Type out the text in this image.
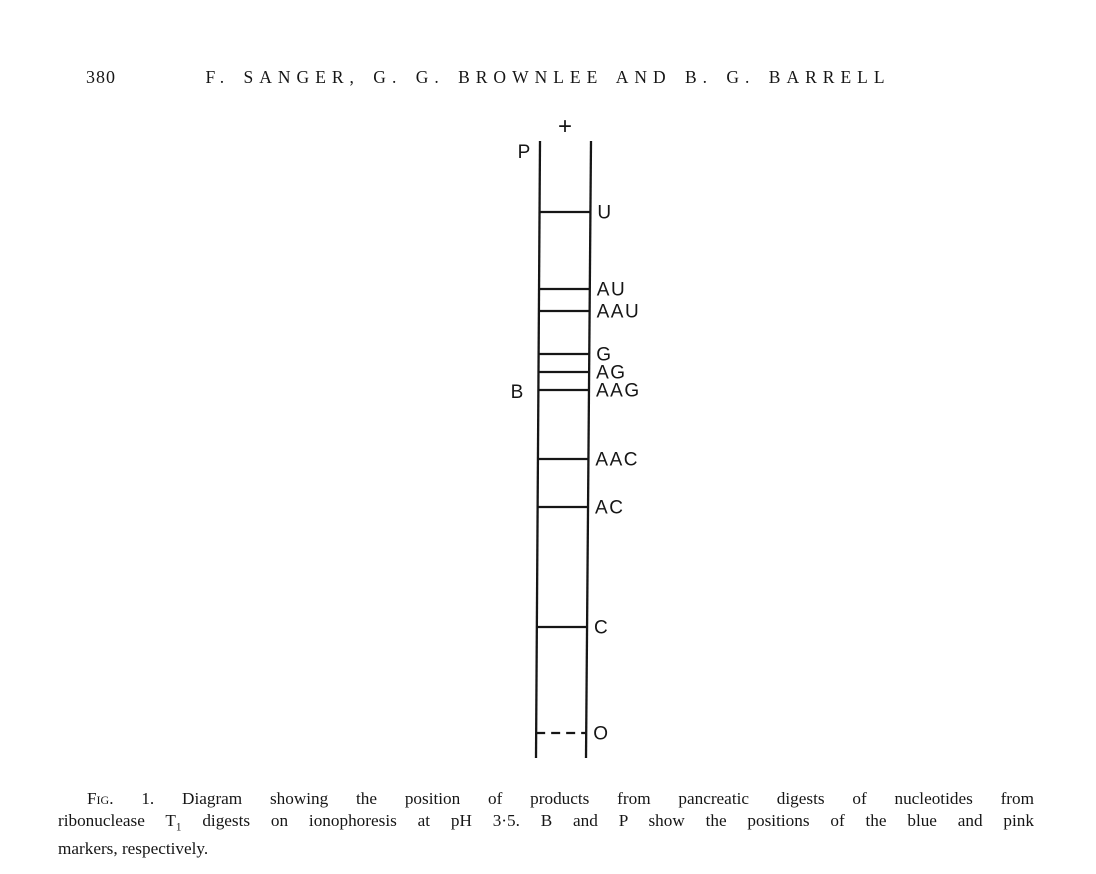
380	F. SANGER, G. G. BROWNLEE AND B. G. BARRELL
+
P
B
U
AU
AAU
G
AG
AAG
AAC
AC
C
O
Fig. 1. Diagram showing the position of products from pancreatic digests of nucleotides from
ribonuclease $T_1$ digests on ionophoresis at pH 3·5. B and P show the positions of the blue and pink
markers, respectively.
